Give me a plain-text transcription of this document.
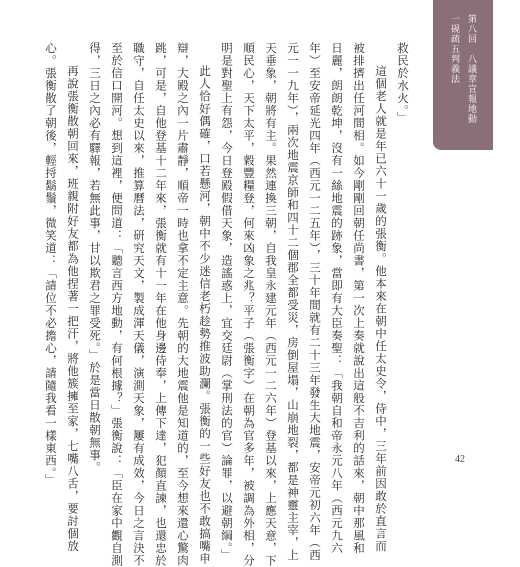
第八回　八議章宣報地動
一砚疏五判義法
救民於水火。」
這個老人就是年已六十一歲的張衡。他本來在朝中任太史令，侍中，三年前因敢於直言而
被排擠出任河間相。如今剛剛回朝任尚書，第一次上奏就說出這般不吉利的話來，朝中那風和
日麗，朗朗乾坤，沒有一絲地震的跡象，當即有大臣奏聖：「我朝自和帝永元八年（西元九六
年）至安帝延光四年（西元一二五年），三十年間就有二十三年發生大地震，安帝元初六年（西
元一一九年），兩次地震京師和四十二個郡全都受災，房倒屋塌，山崩地裂，都是神靈主宰，上
天垂象，朝將有主。果然連換三朝，自我皇永建元年（西元一二六年）登基以來，上應天意，下
順民心，天下太平，穀豐糧登，何來凶象之兆？平子（張衡字）在朝為官多年，被調為外相，分
明是對聖上有怨，今日登殿假借天象，造謠惑上，宜交廷尉（掌刑法的官）論罪，以避朝綱。」
此人恰好偶確，口若懸河，朝中不少迷信老朽趁勢推波助瀾。張衡的一些好友也不敢搞嘴申
辯，大殿之內一片肅靜，順帝一時也拿不定主意。先朝的大地震他是知道的，至今想來還心驚肉
跳，可是，自他登基十二年來，張衡就有十一年在他身邊侍奉，上傳下達，犯顏直諫，也還忠於
職守，自任太史以來，推算曆法，研究天文，製成渾天儀，演測天象，屢有成效，今日之言決不
至於信口開河。想到這裡，便問道：「聽言西方地動，有何根據？」張衡說：「臣在家中觀自測
得，三日之內必有驛報，若無此事，甘以欺君之罪受死。」於是當日散朝無事。
再說張衡散朝回來，班親附好友都為他捏著一把汗，將他簇擁至家，七嘴八舌，要討個放
心。張衡散了朝後，輕捋鬍鬚，微笑道：「請位不必擔心，請隨我看一樣東西。」	42
